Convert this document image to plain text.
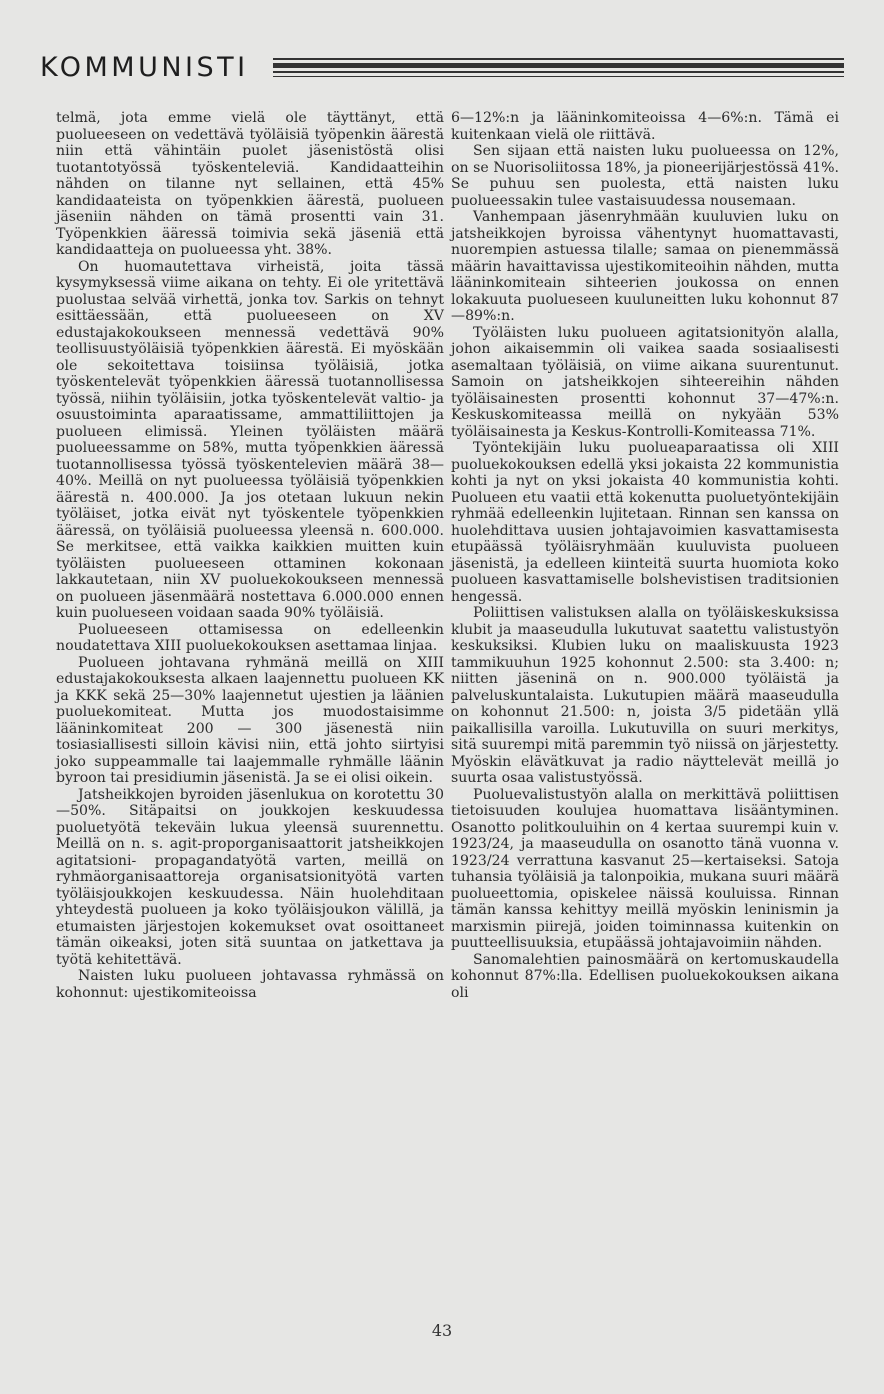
KOMMUNISTI

telmä, jota emme vielä ole täyttänyt, että puolueeseen on vedettävä työläisiä työpenkin äärestä niin että vähintäin puolet jäsenistöstä olisi tuotantotyössä työskenteleviä. Kandidaatteihin nähden on tilanne nyt sellainen, että 45% kandidaateista on työpenkkien äärestä, puolueen jäseniin nähden on tämä prosentti vain 31. Työpenkkien ääressä toimivia sekä jäseniä että kandidaatteja on puolueessa yht. 38%.

On huomautettava virheistä, joita tässä kysymyksessä viime aikana on tehty. Ei ole yritettävä puolustaa selvää virhettä, jonka tov. Sarkis on tehnyt esittäessään, että puolueeseen on XV edustajakokoukseen mennessä vedettävä 90% teollisuustyöläisiä työpenkkien äärestä. Ei myöskään ole sekoitettava toisiinsa työläisiä, jotka työskentelevät työpenkkien ääressä tuotannollisessa työssä, niihin työläisiin, jotka työskentelevät valtio- ja osuustoiminta aparaatissame, ammattiliittojen ja puolueen elimissä. Yleinen työläisten määrä puolueessamme on 58%, mutta työpenkkien ääressä tuotannollisessa työssä työskentelevien määrä 38—40%. Meillä on nyt puolueessa työläisiä työpenkkien äärestä n. 400.000. Ja jos otetaan lukuun nekin työläiset, jotka eivät nyt työskentele työpenkkien ääressä, on työläisiä puolueessa yleensä n. 600.000. Se merkitsee, että vaikka kaikkien muitten kuin työläisten puolueeseen ottaminen kokonaan lakkautetaan, niin XV puoluekokoukseen mennessä on puolueen jäsenmäärä nostettava 6.000.000 ennen kuin puolueseen voidaan saada 90% työläisiä.

Puolueeseen ottamisessa on edelleenkin noudatettava XIII puoluekokouksen asettamaa linjaa.

Puolueen johtavana ryhmänä meillä on XIII edustajakokouksesta alkaen laajennettu puolueen KK ja KKK sekä 25—30% laajennetut ujestien ja läänien puoluekomiteat. Mutta jos muodostaisimme lääninkomiteat 200 — 300 jäsenestä niin tosiasiallisesti silloin kävisi niin, että johto siirtyisi joko suppeammalle tai laajemmalle ryhmälle läänin byroon tai presidiumin jäsenistä. Ja se ei olisi oikein.

Jatsheikkojen byroiden jäsenlukua on korotettu 30—50%. Sitäpaitsi on joukkojen keskuudessa puoluetyötä tekeväin lukua yleensä suurennettu. Meillä on n. s. agit-proporganisaattorit jatsheikkojen agitatsioni- propagandatyötä varten, meillä on ryhmäorganisaattoreja organisatsionityötä varten työläisjoukkojen keskuudessa. Näin huolehditaan yhteydestä puolueen ja koko työläisjoukon välillä, ja etumaisten järjestojen kokemukset ovat osoittaneet tämän oikeaksi, joten sitä suuntaa on jatkettava ja työtä kehitettävä.

Naisten luku puolueen johtavassa ryhmässä on kohonnut: ujestikomiteoissa

6—12%:n ja lääninkomiteoissa 4—6%:n. Tämä ei kuitenkaan vielä ole riittävä.

Sen sijaan että naisten luku puolueessa on 12%, on se Nuorisoliitossa 18%, ja pioneerijärjestössä 41%. Se puhuu sen puolesta, että naisten luku puolueessakin tulee vastaisuudessa nousemaan.

Vanhempaan jäsenryhmään kuuluvien luku on jatsheikkojen byroissa vähentynyt huomattavasti, nuorempien astuessa tilalle; samaa on pienemmässä määrin havaittavissa ujestikomiteoihin nähden, mutta lääninkomiteain sihteerien joukossa on ennen lokakuuta puolueseen kuuluneitten luku kohonnut 87—89%:n.

Työläisten luku puolueen agitatsionityön alalla, johon aikaisemmin oli vaikea saada sosiaalisesti asemaltaan työläisiä, on viime aikana suurentunut. Samoin on jatsheikkojen sihteereihin nähden työläisainesten prosentti kohonnut 37—47%:n. Keskuskomiteassa meillä on nykyään 53% työläisainesta ja Keskus-Kontrolli-Komiteassa 71%.

Työntekijäin luku puolueaparaatissa oli XIII puoluekokouksen edellä yksi jokaista 22 kommunistia kohti ja nyt on yksi jokaista 40 kommunistia kohti. Puolueen etu vaatii että kokenutta puoluetyöntekijäin ryhmää edelleenkin lujitetaan. Rinnan sen kanssa on huolehdittava uusien johtajavoimien kasvattamisesta etupäässä työläisryhmään kuuluvista puolueen jäsenistä, ja edelleen kiinteitä suurta huomiota koko puolueen kasvattamiselle bolshevistisen traditsionien hengessä.

Poliittisen valistuksen alalla on työläiskeskuksissa klubit ja maaseudulla lukutuvat saatettu valistustyön keskuksiksi. Klubien luku on maaliskuusta 1923 tammikuuhun 1925 kohonnut 2.500: sta 3.400: n; niitten jäseninä on n. 900.000 työläistä ja palveluskuntalaista. Lukutupien määrä maaseudulla on kohonnut 21.500: n, joista 3/5 pidetään yllä paikallisilla varoilla. Lukutuvilla on suuri merkitys, sitä suurempi mitä paremmin työ niissä on järjestetty. Myöskin elävätkuvat ja radio näyttelevät meillä jo suurta osaa valistustyössä.

Puoluevalistustyön alalla on merkittävä poliittisen tietoisuuden koulujea huomattava lisääntyminen. Osanotto politkouluihin on 4 kertaa suurempi kuin v. 1923/24, ja maaseudulla on osanotto tänä vuonna v. 1923/24 verrattuna kasvanut 25—kertaiseksi. Satoja tuhansia työläisiä ja talonpoikia, mukana suuri määrä puolueettomia, opiskelee näissä kouluissa. Rinnan tämän kanssa kehittyy meillä myöskin leninismin ja marxismin piirejä, joiden toiminnassa kuitenkin on puutteellisuuksia, etupäässä johtajavoimiin nähden.

Sanomalehtien painosmäärä on kertomuskaudella kohonnut 87%:lla. Edellisen puoluekokouksen aikana oli

43
